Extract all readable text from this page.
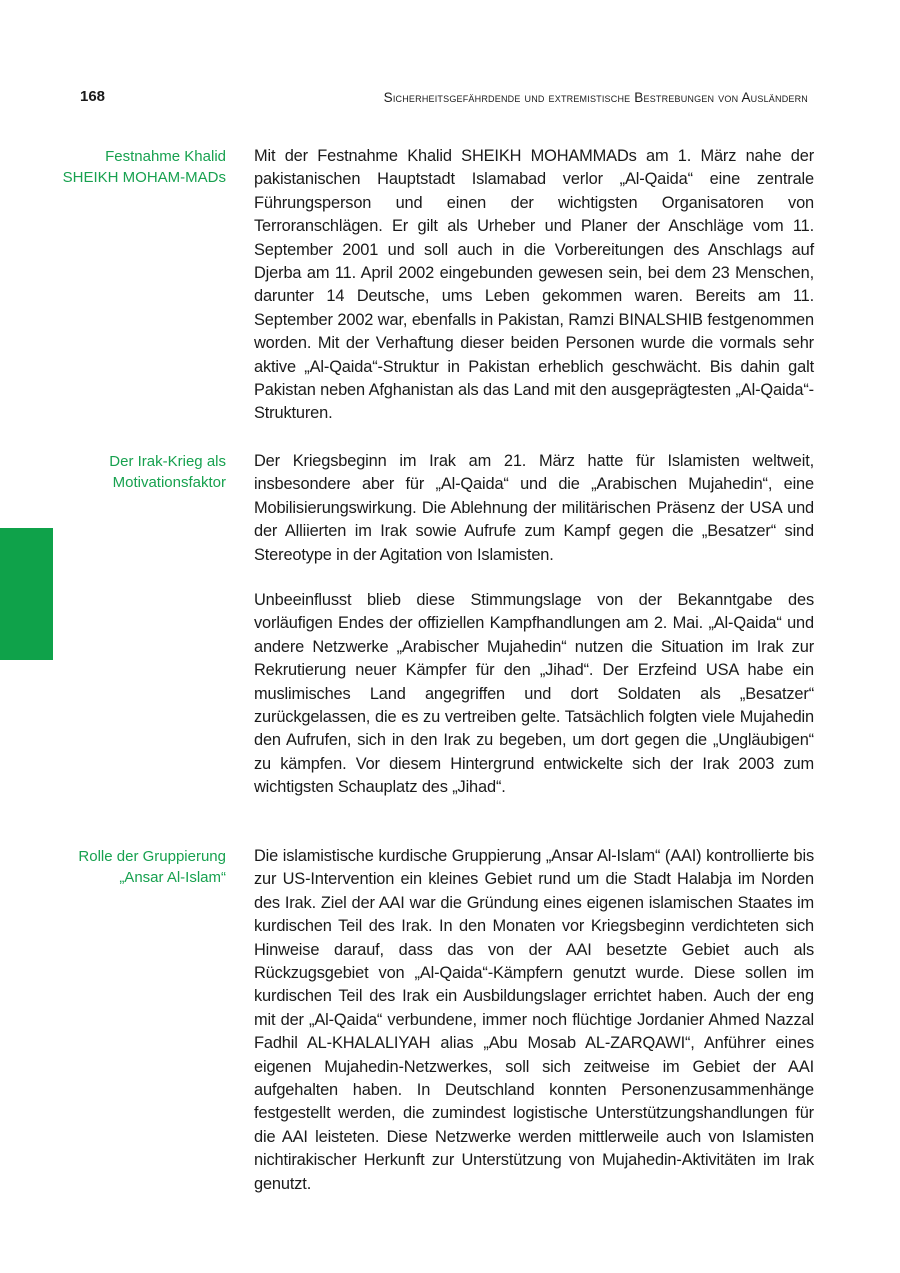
168	Sicherheitsgefährdende und extremistische Bestrebungen von Ausländern
Festnahme Khalid SHEIKH MOHAM-MADs

Mit der Festnahme Khalid SHEIKH MOHAMMADs am 1. März nahe der pakistanischen Hauptstadt Islamabad verlor „Al-Qaida“ eine zentrale Führungsperson und einen der wichtigsten Organisatoren von Terroranschlägen. Er gilt als Urheber und Planer der Anschläge vom 11. September 2001 und soll auch in die Vorbereitungen des Anschlags auf Djerba am 11. April 2002 eingebunden gewesen sein, bei dem 23 Menschen, darunter 14 Deutsche, ums Leben gekommen waren. Bereits am 11. September 2002 war, ebenfalls in Pakistan, Ramzi BINALSHIB festgenommen worden. Mit der Verhaftung dieser beiden Personen wurde die vormals sehr aktive „Al-Qaida“-Struktur in Pakistan erheblich geschwächt. Bis dahin galt Pakistan neben Afghanistan als das Land mit den ausgeprägtesten „Al-Qaida“-Strukturen.

Der Irak-Krieg als Motivationsfaktor

Der Kriegsbeginn im Irak am 21. März hatte für Islamisten weltweit, insbesondere aber für „Al-Qaida“ und die „Arabischen Mujahedin“, eine Mobilisierungswirkung. Die Ablehnung der militärischen Präsenz der USA und der Alliierten im Irak sowie Aufrufe zum Kampf gegen die „Besatzer“ sind Stereotype in der Agitation von Islamisten.

Unbeeinflusst blieb diese Stimmungslage von der Bekanntgabe des vorläufigen Endes der offiziellen Kampfhandlungen am 2. Mai. „Al-Qaida“ und andere Netzwerke „Arabischer Mujahedin“ nutzen die Situation im Irak zur Rekrutierung neuer Kämpfer für den „Jihad“. Der Erzfeind USA habe ein muslimisches Land angegriffen und dort Soldaten als „Besatzer“ zurückgelassen, die es zu vertreiben gelte. Tatsächlich folgten viele Mujahedin den Aufrufen, sich in den Irak zu begeben, um dort gegen die „Ungläubigen“ zu kämpfen. Vor diesem Hintergrund entwickelte sich der Irak 2003 zum wichtigsten Schauplatz des „Jihad“.

Rolle der Gruppierung „Ansar Al-Islam“

Die islamistische kurdische Gruppierung „Ansar Al-Islam“ (AAI) kontrollierte bis zur US-Intervention ein kleines Gebiet rund um die Stadt Halabja im Norden des Irak. Ziel der AAI war die Gründung eines eigenen islamischen Staates im kurdischen Teil des Irak. In den Monaten vor Kriegsbeginn verdichteten sich Hinweise darauf, dass das von der AAI besetzte Gebiet auch als Rückzugsgebiet von „Al-Qaida“-Kämpfern genutzt wurde. Diese sollen im kurdischen Teil des Irak ein Ausbildungslager errichtet haben. Auch der eng mit der „Al-Qaida“ verbundene, immer noch flüchtige Jordanier Ahmed Nazzal Fadhil AL-KHALALIYAH alias „Abu Mosab AL-ZARQAWI“, Anführer eines eigenen Mujahedin-Netzwerkes, soll sich zeitweise im Gebiet der AAI aufgehalten haben. In Deutschland konnten Personenzusammenhänge festgestellt werden, die zumindest logistische Unterstützungshandlungen für die AAI leisteten. Diese Netzwerke werden mittlerweile auch von Islamisten nichtirakischer Herkunft zur Unterstützung von Mujahedin-Aktivitäten im Irak genutzt.
